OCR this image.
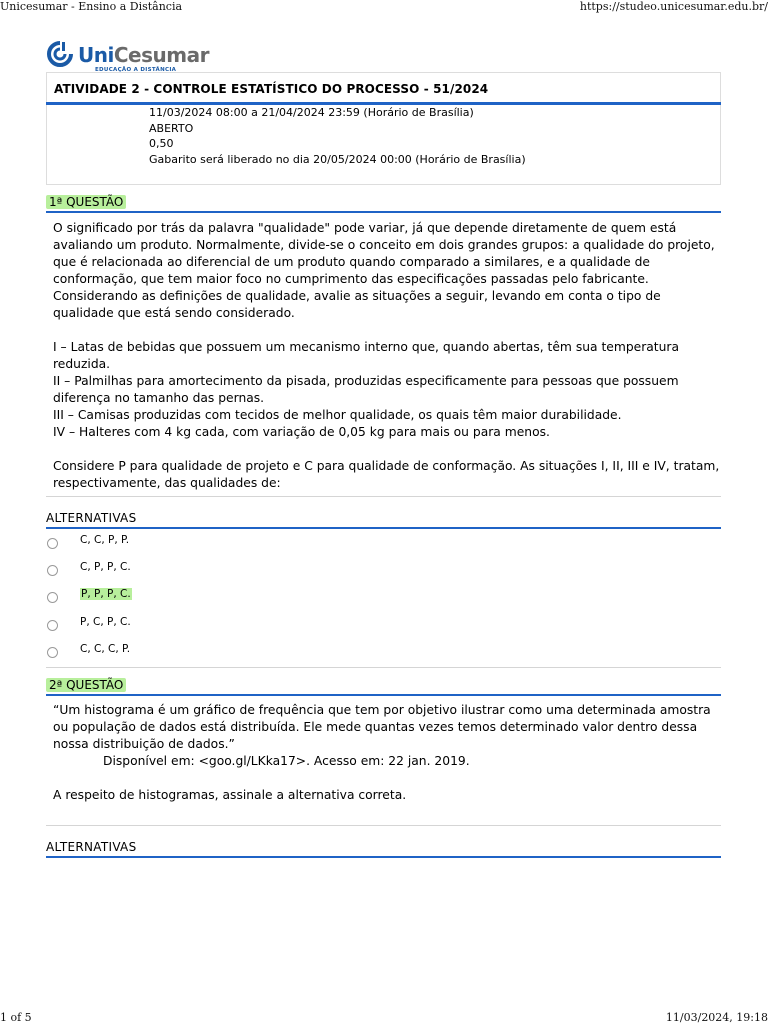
Unicesumar - Ensino a Distância	https://studeo.unicesumar.edu.br/
UniCesumar
EDUCAÇÃO A DISTÂNCIA
ATIVIDADE 2 - CONTROLE ESTATÍSTICO DO PROCESSO - 51/2024
11/03/2024 08:00 a 21/04/2024 23:59 (Horário de Brasília)
ABERTO
0,50
Gabarito será liberado no dia 20/05/2024 00:00 (Horário de Brasília)
1ª QUESTÃO

O significado por trás da palavra "qualidade" pode variar, já que depende diretamente de quem está avaliando um produto. Normalmente, divide-se o conceito em dois grandes grupos: a qualidade do projeto, que é relacionada ao diferencial de um produto quando comparado a similares, e a qualidade de conformação, que tem maior foco no cumprimento das especificações passadas pelo fabricante. Considerando as definições de qualidade, avalie as situações a seguir, levando em conta o tipo de qualidade que está sendo considerado.

I – Latas de bebidas que possuem um mecanismo interno que, quando abertas, têm sua temperatura reduzida.

II – Palmilhas para amortecimento da pisada, produzidas especificamente para pessoas que possuem diferença no tamanho das pernas.

III – Camisas produzidas com tecidos de melhor qualidade, os quais têm maior durabilidade.

IV – Halteres com 4 kg cada, com variação de 0,05 kg para mais ou para menos.

Considere P para qualidade de projeto e C para qualidade de conformação. As situações I, II, III e IV, tratam, respectivamente, das qualidades de:

ALTERNATIVAS
C, C, P, P.
C, P, P, C.
P, P, P, C.
P, C, P, C.
C, C, C, P.
2ª QUESTÃO

“Um histograma é um gráfico de frequência que tem por objetivo ilustrar como uma determinada amostra ou população de dados está distribuída. Ele mede quantas vezes temos determinado valor dentro dessa nossa distribuição de dados.”

Disponível em: <goo.gl/LKka17>. Acesso em: 22 jan. 2019.

A respeito de histogramas, assinale a alternativa correta.

ALTERNATIVAS
1 of 5	11/03/2024, 19:18
